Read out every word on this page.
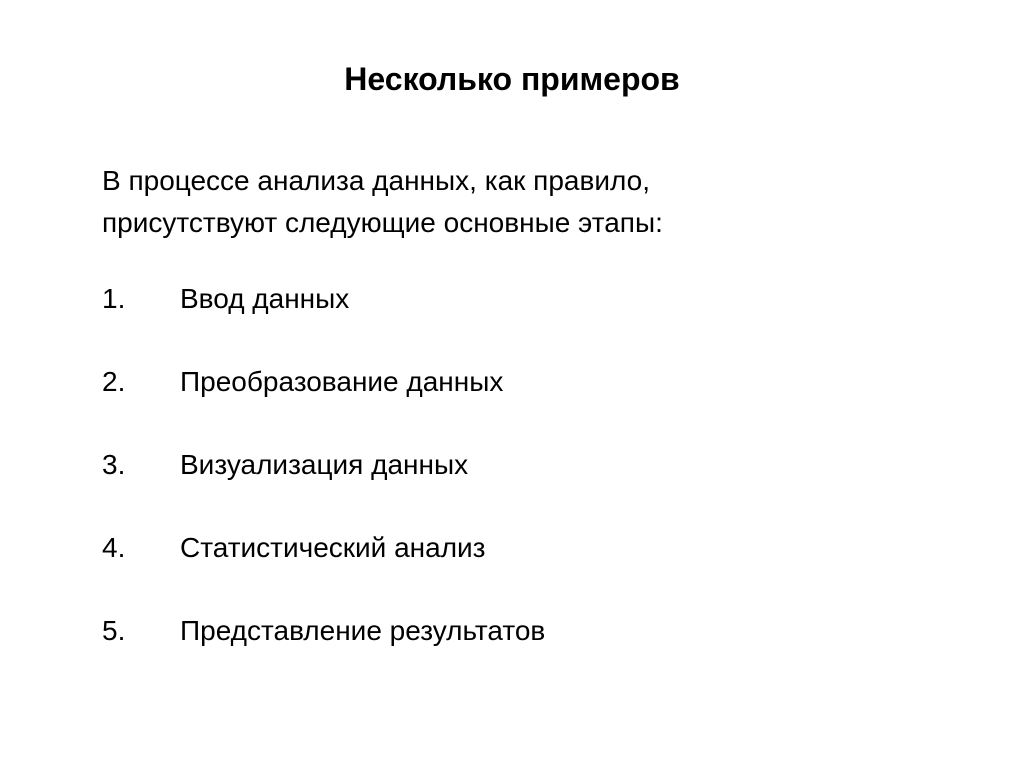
Несколько примеров

В процессе анализа данных, как правило,
присутствуют следующие основные этапы:

1. Ввод данных
2. Преобразование данных
3. Визуализация данных
4. Статистический анализ
5. Представление результатов
